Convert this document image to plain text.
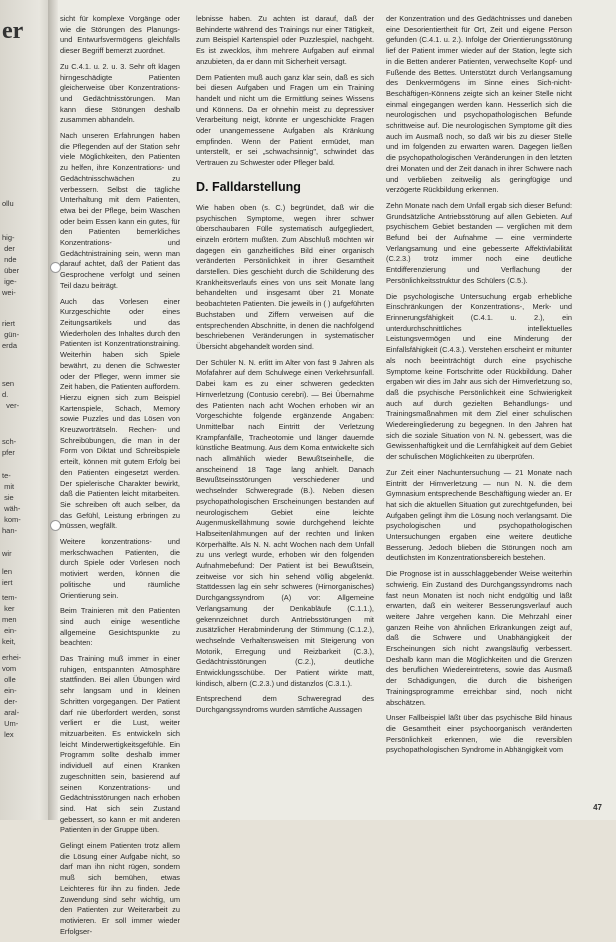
er
ollu
hig-
der
nde
über
ige-
wei-
riert
gün-
erda
sen
d.
ver-
sch-
pfer
te-
mit
sie
wäh-
kom-
han-
wir
len
iert
tem-
ker
men
ein-
keit,
erhei-
vom
olle
ein-
der-
aral-
Um-
lex

sicht für komplexe Vorgänge oder wie die Störungen des Planungs- und Entwurfsvermögens gleichfalls dieser Begriff bemerzt zuordnet.

Zu C.4.1. u. 2. u. 3. Sehr oft klagen hirngeschädigte Patienten gleicherweise über Konzentrations- und Gedächtnisstörungen. Man kann diese Störungen deshalb zusammen abhandeln.

Nach unseren Erfahrungen haben die Pflegenden auf der Station sehr viele Möglichkeiten, den Patienten zu helfen, ihre Konzentrations- und Gedächtnisschwächen zu verbessern. Selbst die tägliche Unterhaltung mit dem Patienten, etwa bei der Pflege, beim Waschen oder beim Essen kann ein gutes, für den Patienten bemerkliches Konzentrations- und Gedächtnistraining sein, wenn man darauf achtet, daß der Patient das Gesprochene verfolgt und seinen Teil dazu beiträgt.

Auch das Vorlesen einer Kurzgeschichte oder eines Zeitungsartikels und das Wiederholen des Inhaltes durch den Patienten ist Konzentrationstraining. Weiterhin haben sich Spiele bewährt, zu denen die Schwester oder der Pfleger, wenn immer sie Zeit haben, die Patienten auffordern. Hierzu eignen sich zum Beispiel Kartenspiele, Schach, Memory sowie Puzzles und das Lösen von Kreuzworträtseln. Rechen- und Schreibübungen, die man in der Form von Diktat und Schreibspiele erteilt, können mit gutem Erfolg bei den Patienten eingesetzt werden. Der spielerische Charakter bewirkt, daß die Patienten leicht mitarbeiten. Sie schreiben oft auch selber, da das Gefühl, Leistung erbringen zu müssen, wegfällt.

Weitere konzentrations- und merkschwachen Patienten, die durch Spiele oder Vorlesen noch motiviert werden, können die politische und räumliche Orientierung sein.

Beim Trainieren mit den Patienten sind auch einige wesentliche allgemeine Gesichtspunkte zu beachten:

Das Training muß immer in einer ruhigen, entspannten Atmosphäre stattfinden. Bei allen Übungen wird sehr langsam und in kleinen Schritten vorgegangen. Der Patient darf nie überfordert werden, sonst verliert er die Lust, weiter mitzuarbeiten. Es entwickeln sich leicht Minderwertigkeitsgefühle. Ein Programm sollte deshalb immer individuell auf einen Kranken zugeschnitten sein, basierend auf seinen Konzentrations- und Gedächtnisstörungen nach erhoben sind. Hat sich sein Zustand gebessert, so kann er mit anderen Patienten in der Gruppe üben.

Gelingt einem Patienten trotz allem die Lösung einer Aufgabe nicht, so darf man ihn nicht rügen, sondern muß sich bemühen, etwas Leichteres für ihn zu finden. Jede Zuwendung sind sehr wichtig, um den Patienten zur Weiterarbeit zu motivieren. Er soll immer wieder Erfolgser-

lebnisse haben. Zu achten ist darauf, daß der Behinderte während des Trainings nur einer Tätigkeit, zum Beispiel Kartenspiel oder Puzzlespiel, nachgeht. Es ist zwecklos, ihm mehrere Aufgaben auf einmal anzubieten, da er dann mit Sicherheit versagt.

Dem Patienten muß auch ganz klar sein, daß es sich bei diesen Aufgaben und Fragen um ein Training handelt und nicht um die Ermittlung seines Wissens und Könnens. Da er ohnehin meist zu depressiver Verarbeitung neigt, könnte er ungeschickte Fragen oder unangemessene Aufgaben als Kränkung empfinden. Wenn der Patient ermüdet, man unterstellt, er sei „schwachsinnig", schwindet das Vertrauen zu Schwester oder Pfleger bald.

D. Falldarstellung

Wie haben oben (s. C.) begründet, daß wir die psychischen Symptome, wegen ihrer schwer überschaubaren Fülle systematisch aufgegliedert, einzeln erörtern mußten. Zum Abschluß möchten wir dagegen ein ganzheitliches Bild einer organisch veränderten Persönlichkeit in ihrer Gesamtheit darstellen. Dies geschieht durch die Schilderung des Krankheitsverlaufs eines von uns seit Monate lang behandelten und insgesamt über 21 Monate beobachteten Patienten. Die jeweils in ( ) aufgeführten Buchstaben und Ziffern verweisen auf die entsprechenden Abschnitte, in denen die nachfolgend beschriebenen Veränderungen in systematischer Übersicht abgehandelt worden sind.

Der Schüler N. N. erlitt im Alter von fast 9 Jahren als Mofafahrer auf dem Schulwege einen Verkehrsunfall. Dabei kam es zu einer schweren gedeckten Hirnverletzung (Contusio cerebri). — Bei Übernahme des Patienten nach acht Wochen erhoben wir an Vorgeschichte folgende ergänzende Angaben: Unmittelbar nach Eintritt der Verletzung Krampfanfälle, Tracheotomie und länger dauernde künstliche Beatmung. Aus dem Koma entwickelte sich nach allmählich wieder Bewußtseinhelle, die anscheinend 18 Tage lang anhielt. Danach Bewußtseinsstörungen verschiedener und wechselnder Schweregrade (B.). Neben diesen psychopathologischen Erscheinungen bestanden auf neurologischem Gebiet eine leichte Augenmuskellähmung sowie durchgehend leichte Halbseitenlähmungen auf der rechten und linken Körperhälfte. Als N. N. acht Wochen nach dem Unfall zu uns verlegt wurde, erhoben wir den folgenden Aufnahmebefund: Der Patient ist bei Bewußtsein, zeitweise vor sich hin sehend völlig abgelenkt. Stattdessen lag ein sehr schweres (Hirnorganisches) Durchgangssyndrom (A) vor: Allgemeine Verlangsamung der Denkabläufe (C.1.1.), gekennzeichnet durch Antriebsstörungen mit zusätzlicher Herabminderung der Stimmung (C.1.2.), wechselnde Verhaltensweisen mit Steigerung von Motorik, Erregung und Reizbarkeit (C.3.), Gedächtnisstörungen (C.2.), deutliche Entwicklungsschübe. Der Patient wirkte matt, kindisch, albern (C.2.3.) und distanzlos (C.3.1.).

Entsprechend dem Schweregrad des Durchgangssyndroms wurden sämtliche Aussagen

der Konzentration und des Gedächtnisses und daneben eine Desorientiertheit für Ort, Zeit und eigene Person gefunden (C.4.1. u. 2.). Infolge der Orientierungsstörung lief der Patient immer wieder auf der Station, legte sich in die Betten anderer Patienten, verwechselte Kopf- und Fußende des Bettes. Unterstützt durch Verlangsamung des Denkvermögens im Sinne eines Sich-nicht-Beschäftigen-Könnens zeigte sich an keiner Stelle nicht einmal eingegangen werden kann. Hesserlich sich die neurologischen und psychopathologischen Befunde schrittweise auf. Die neurologischen Symptome gilt dies auch im Ausmaß noch, so daß wir bis zu dieser Stelle und im folgenden zu erwarten waren. Dagegen ließen die psychopathologischen Veränderungen in den letzten drei Monaten und der Zeit danach in ihrer Schwere nach und verblieben zeitweilig als geringfügige und verzögerte Rückbildung erkennen.

Zehn Monate nach dem Unfall ergab sich dieser Befund: Grundsätzliche Antriebsstörung auf allen Gebieten. Auf psychischem Gebiet bestanden — verglichen mit dem Befund bei der Aufnahme — eine verminderte Verlangsamung und eine gebesserte Affektivlabilität (C.2.3.) trotz immer noch eine deutliche Entdifferenzierung und Verflachung der Persönlichkeitsstruktur des Schülers (C.5.).

Die psychologische Untersuchung ergab erhebliche Einschränkungen der Konzentrations-, Merk- und Erinnerungsfähigkeit (C.4.1. u. 2.), ein unterdurchschnittliches intellektuelles Leistungsvermögen und eine Minderung der Einfallsfähigkeit (C.4.3.). Verstehen erscheint er mitunter als noch beeinträchtigt durch eine psychische Symptome keine Fortschritte oder Rückbildung. Daher ergaben wir dies im Jahr aus sich der Hirnverletzung so, daß die psychische Persönlichkeit eine Schwierigkeit auch auf durch gezielten Behandlungs- und Trainingsmaßnahmen mit dem Ziel einer schulischen Wiedereingliederung zu begegnen. In den Jahren hat sich die soziale Situation von N. N. gebessert, was die Gewissenhaftigkeit und die Lernfähigkeit auf dem Gebiet der schulischen Möglichkeiten zu überprüfen.

Zur Zeit einer Nachuntersuchung — 21 Monate nach Eintritt der Hirnverletzung — nun N. N. die dem Gymnasium entsprechende Beschäftigung wieder an. Er hat sich die aktuellen Situation gut zurechtgefunden, bei Aufgaben gelingt ihm die Lösung noch verlangsamt. Die psychologischen und psychopathologischen Untersuchungen ergaben eine weitere deutliche Besserung. Jedoch blieben die Störungen noch am deutlichsten im Konzentrationsbereich bestehen.

Die Prognose ist in ausschlaggebender Weise weiterhin schwierig. Ein Zustand des Durchgangssyndroms nach fast neun Monaten ist noch nicht endgültig und läßt erwarten, daß ein weiterer Besserungsverlauf auch weitere Jahre vergehen kann. Die Mehrzahl einer ganzen Reihe von ähnlichen Erkrankungen zeigt auf, daß die Schwere und Unabhängigkeit der Erscheinungen sich nicht zwangsläufig verbessert. Deshalb kann man die Möglichkeiten und die Grenzen des beruflichen Wiedereintretens, sowie das Ausmaß der Schädigungen, die durch die bisherigen Trainingsprogramme erreichbar sind, noch nicht abschätzen.

Unser Fallbeispiel läßt über das psychische Bild hinaus die Gesamtheit einer psychoorganisch veränderten Persönlichkeit erkennen, wie die reversiblen psychopathologischen Syndrome in Abhängigkeit vom

47
